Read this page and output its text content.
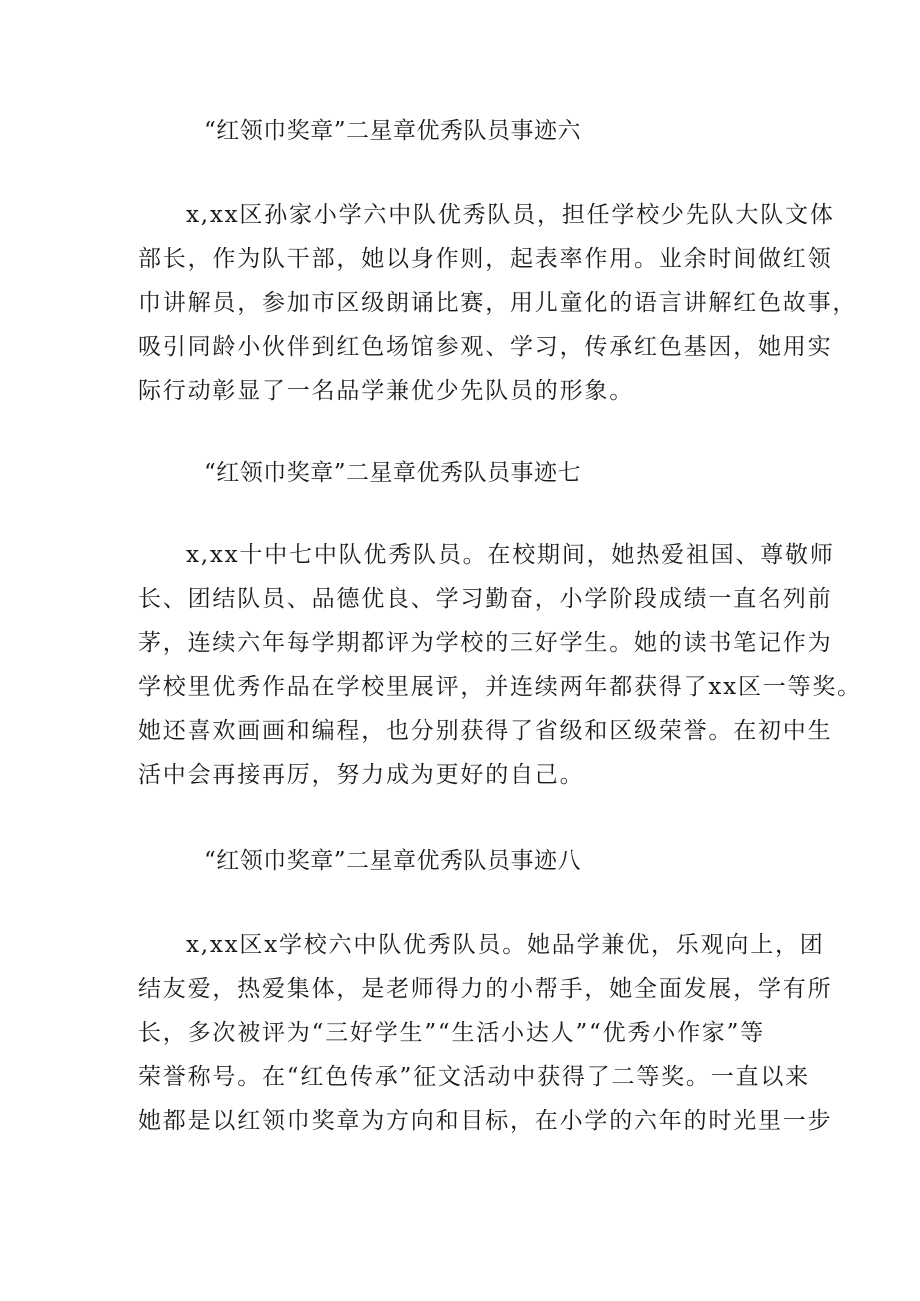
“红领巾奖章”二星章优秀队员事迹六
x,xx区孙家小学六中队优秀队员，担任学校少先队大队文体
部长，作为队干部，她以身作则，起表率作用。业余时间做红领
巾讲解员，参加市区级朗诵比赛，用儿童化的语言讲解红色故事，
吸引同龄小伙伴到红色场馆参观、学习，传承红色基因，她用实
际行动彰显了一名品学兼优少先队员的形象。
“红领巾奖章”二星章优秀队员事迹七
x,xx十中七中队优秀队员。在校期间，她热爱祖国、尊敬师
长、团结队员、品德优良、学习勤奋，小学阶段成绩一直名列前
茅，连续六年每学期都评为学校的三好学生。她的读书笔记作为
学校里优秀作品在学校里展评，并连续两年都获得了xx区一等奖。
她还喜欢画画和编程，也分别获得了省级和区级荣誉。在初中生
活中会再接再厉，努力成为更好的自己。
“红领巾奖章”二星章优秀队员事迹八
x,xx区x学校六中队优秀队员。她品学兼优，乐观向上，团
结友爱，热爱集体，是老师得力的小帮手，她全面发展，学有所
长，多次被评为“三好学生”“生活小达人”“优秀小作家”等
荣誉称号。在“红色传承”征文活动中获得了二等奖。一直以来
她都是以红领巾奖章为方向和目标，在小学的六年的时光里一步
